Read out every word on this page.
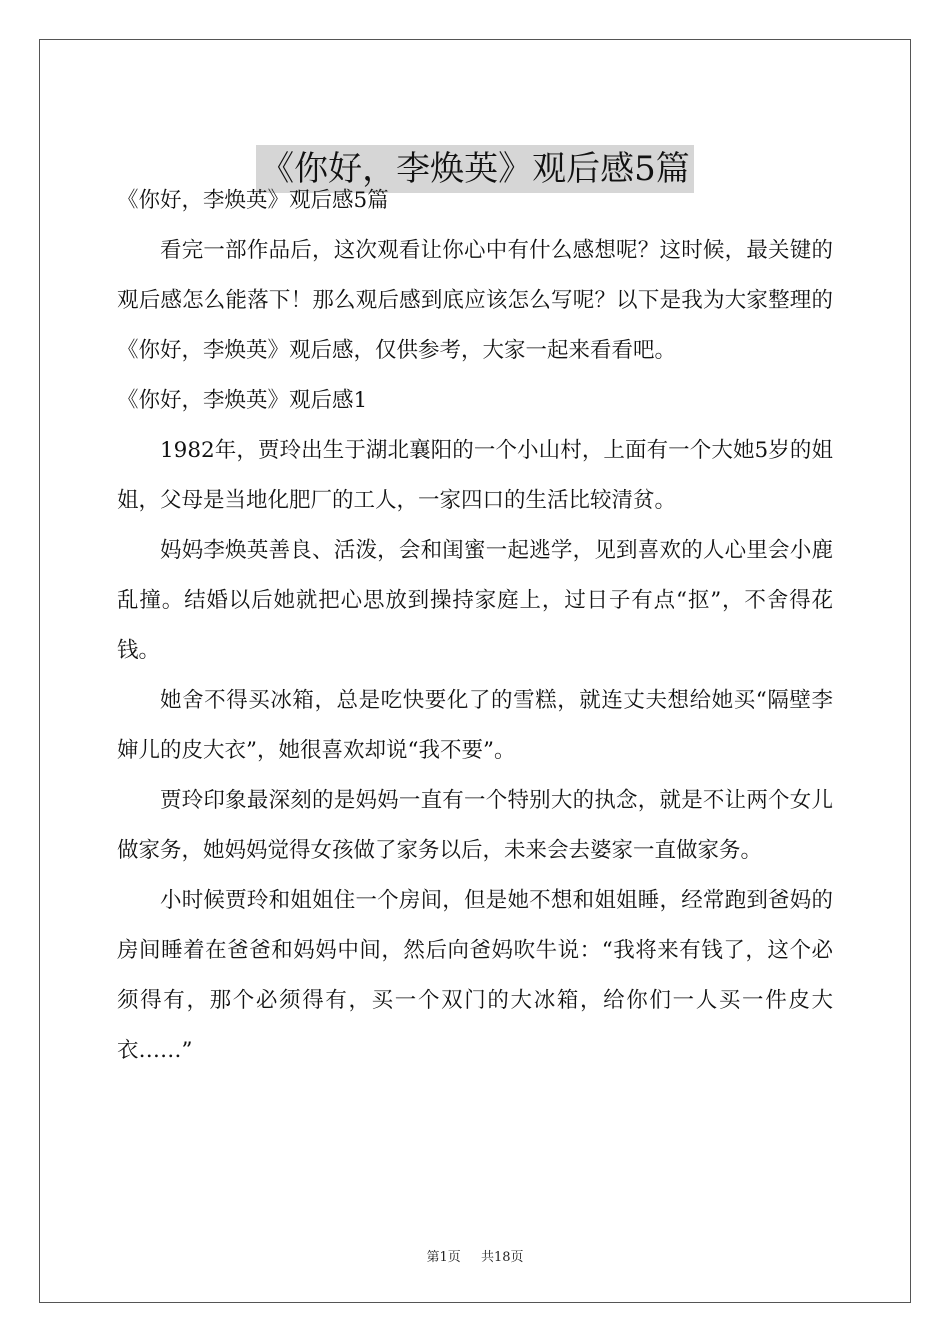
《你好，李焕英》观后感5篇

《你好，李焕英》观后感5篇

看完一部作品后，这次观看让你心中有什么感想呢？这时候，最关键的观后感怎么能落下！那么观后感到底应该怎么写呢？以下是我为大家整理的《你好，李焕英》观后感，仅供参考，大家一起来看看吧。

《你好，李焕英》观后感1

1982年，贾玲出生于湖北襄阳的一个小山村，上面有一个大她5岁的姐姐，父母是当地化肥厂的工人，一家四口的生活比较清贫。

妈妈李焕英善良、活泼，会和闺蜜一起逃学，见到喜欢的人心里会小鹿乱撞。结婚以后她就把心思放到操持家庭上，过日子有点“抠”，不舍得花钱。

她舍不得买冰箱，总是吃快要化了的雪糕，就连丈夫想给她买“隔壁李婶儿的皮大衣”，她很喜欢却说“我不要”。

贾玲印象最深刻的是妈妈一直有一个特别大的执念，就是不让两个女儿做家务，她妈妈觉得女孩做了家务以后，未来会去婆家一直做家务。

小时候贾玲和姐姐住一个房间，但是她不想和姐姐睡，经常跑到爸妈的房间睡着在爸爸和妈妈中间，然后向爸妈吹牛说：“我将来有钱了，这个必须得有，那个必须得有，买一个双门的大冰箱，给你们一人买一件皮大衣……”

第1页 共18页
